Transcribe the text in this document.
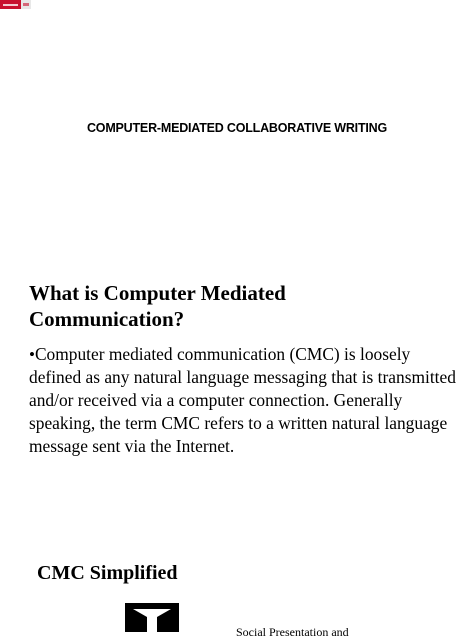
COMPUTER-MEDIATED COLLABORATIVE WRITING
What is Computer Mediated
Communication?

•Computer mediated communication (CMC) is loosely defined as any natural language messaging that is transmitted and/or received via a computer connection. Generally speaking, the term CMC refers to a written natural language message sent via the Internet.

CMC Simplified

Social Presentation and
